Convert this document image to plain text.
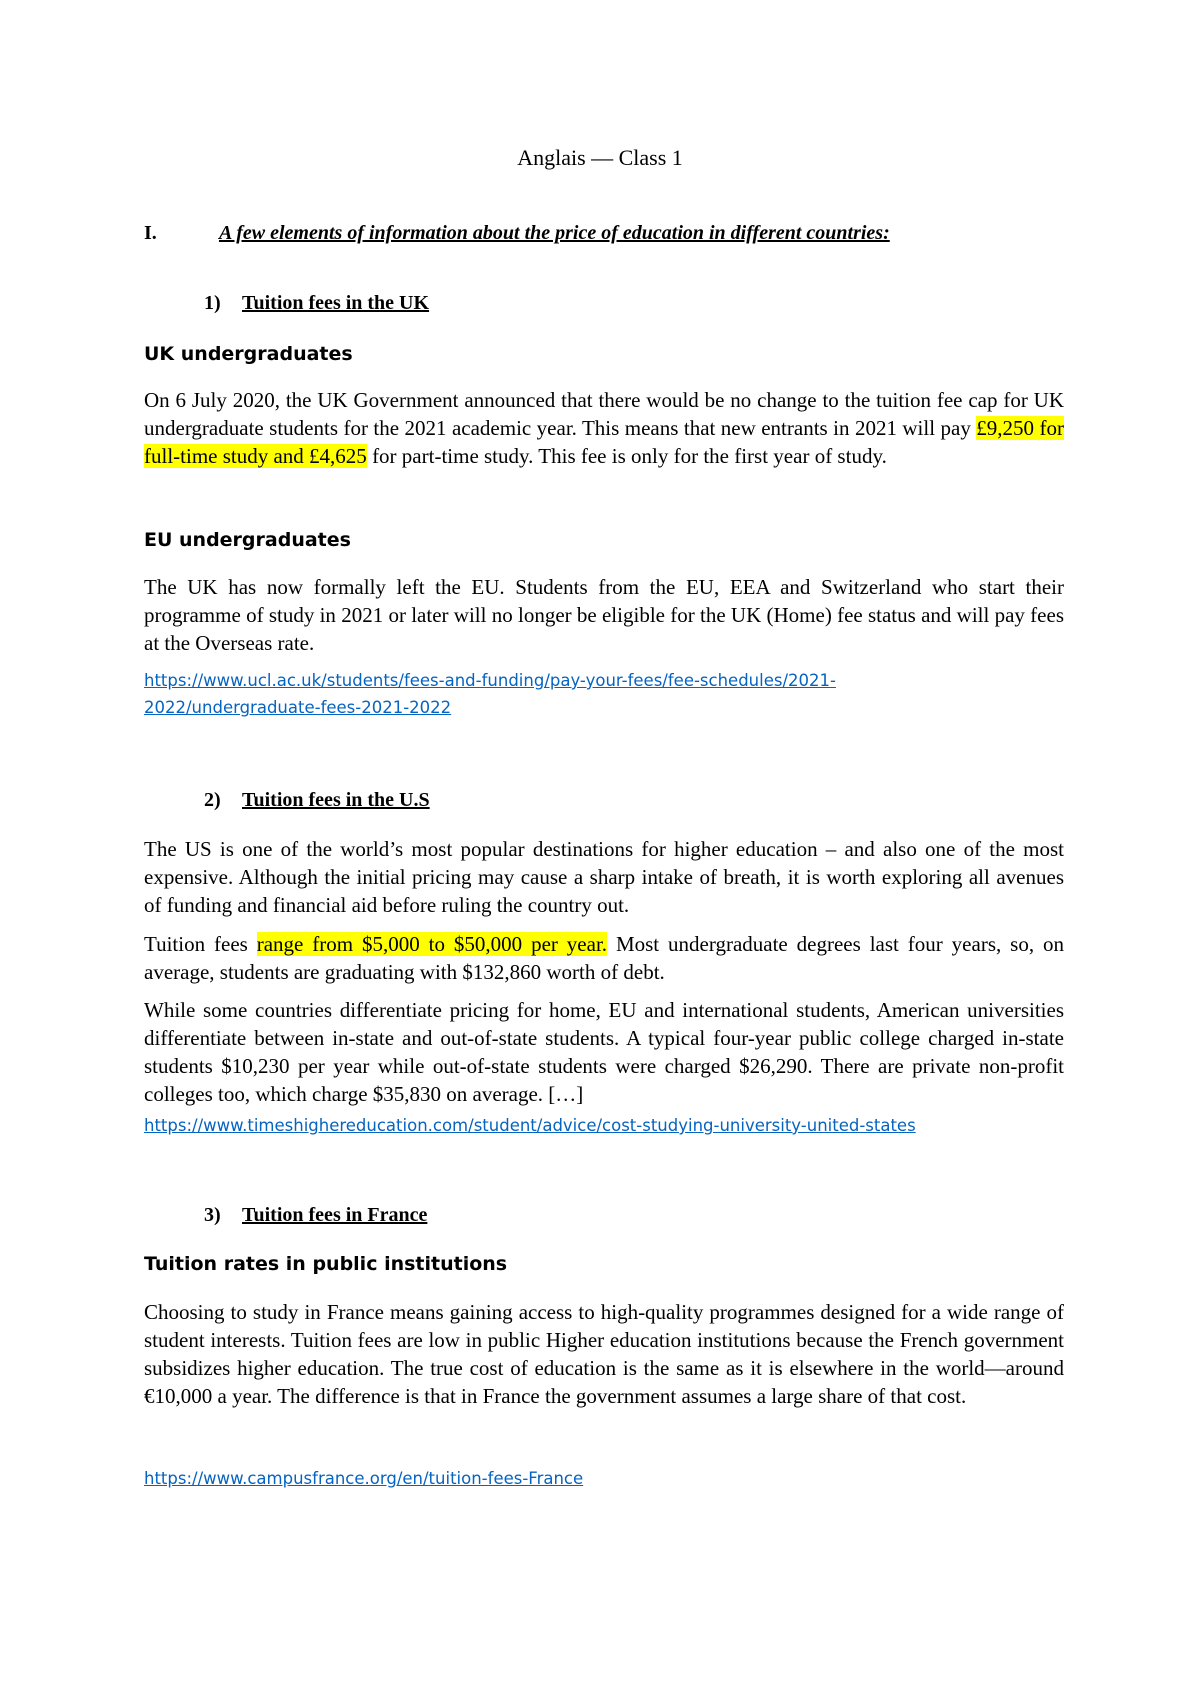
Anglais — Class 1
I.	A few elements of information about the price of education in different countries:
1) Tuition fees in the UK
UK undergraduates
On 6 July 2020, the UK Government announced that there would be no change to the tuition fee cap for UK undergraduate students for the 2021 academic year. This means that new entrants in 2021 will pay £9,250 for full-time study and £4,625 for part-time study. This fee is only for the first year of study.
EU undergraduates
The UK has now formally left the EU. Students from the EU, EEA and Switzerland who start their programme of study in 2021 or later will no longer be eligible for the UK (Home) fee status and will pay fees at the Overseas rate.
https://www.ucl.ac.uk/students/fees-and-funding/pay-your-fees/fee-schedules/2021-
2022/undergraduate-fees-2021-2022
2) Tuition fees in the U.S
The US is one of the world’s most popular destinations for higher education – and also one of the most expensive. Although the initial pricing may cause a sharp intake of breath, it is worth exploring all avenues of funding and financial aid before ruling the country out.
Tuition fees range from $5,000 to $50,000 per year. Most undergraduate degrees last four years, so, on average, students are graduating with $132,860 worth of debt.
While some countries differentiate pricing for home, EU and international students, American universities differentiate between in-state and out-of-state students. A typical four-year public college charged in-state students $10,230 per year while out-of-state students were charged $26,290. There are private non-profit colleges too, which charge $35,830 on average. […]
https://www.timeshighereducation.com/student/advice/cost-studying-university-united-states
3) Tuition fees in France
Tuition rates in public institutions
Choosing to study in France means gaining access to high-quality programmes designed for a wide range of student interests. Tuition fees are low in public Higher education institutions because the French government subsidizes higher education. The true cost of education is the same as it is elsewhere in the world—around €10,000 a year. The difference is that in France the government assumes a large share of that cost.
https://www.campusfrance.org/en/tuition-fees-France
